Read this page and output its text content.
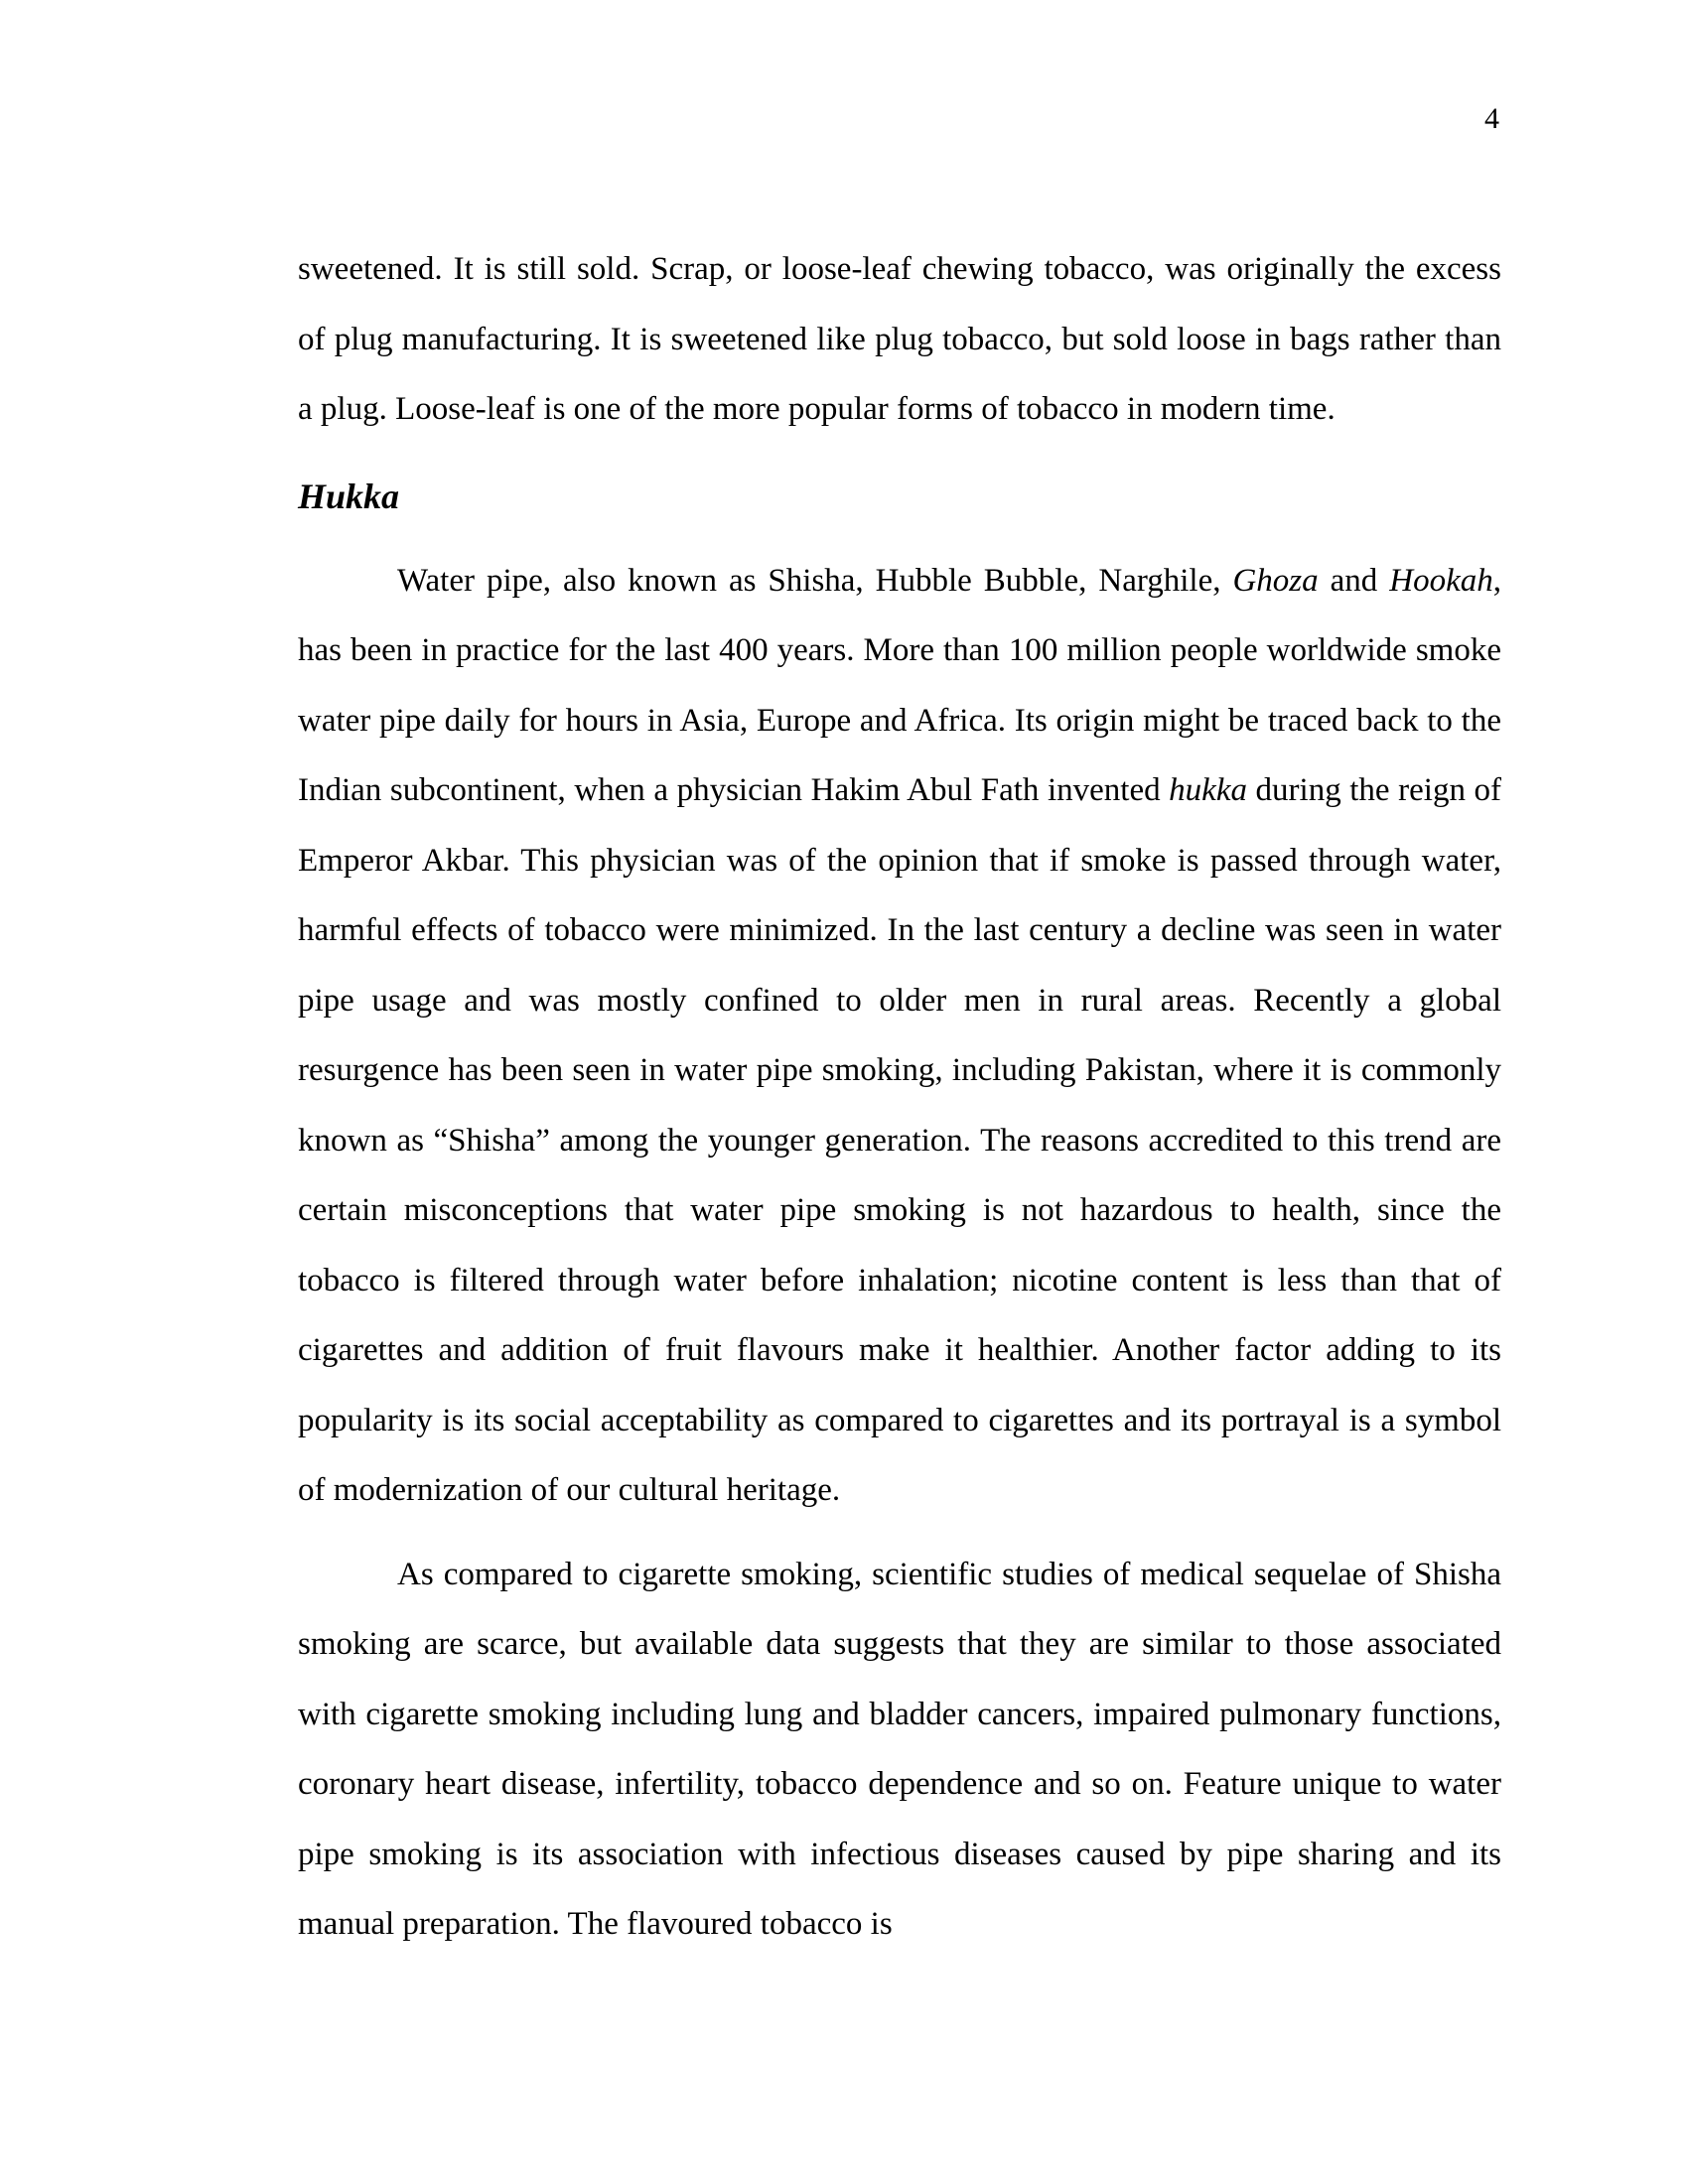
4

sweetened. It is still sold. Scrap, or loose-leaf chewing tobacco, was originally the excess of plug manufacturing. It is sweetened like plug tobacco, but sold loose in bags rather than a plug. Loose-leaf is one of the more popular forms of tobacco in modern time.

Hukka

Water pipe, also known as Shisha, Hubble Bubble, Narghile, Ghoza and Hookah, has been in practice for the last 400 years. More than 100 million people worldwide smoke water pipe daily for hours in Asia, Europe and Africa. Its origin might be traced back to the Indian subcontinent, when a physician Hakim Abul Fath invented hukka during the reign of Emperor Akbar. This physician was of the opinion that if smoke is passed through water, harmful effects of tobacco were minimized. In the last century a decline was seen in water pipe usage and was mostly confined to older men in rural areas. Recently a global resurgence has been seen in water pipe smoking, including Pakistan, where it is commonly known as “Shisha” among the younger generation. The reasons accredited to this trend are certain misconceptions that water pipe smoking is not hazardous to health, since the tobacco is filtered through water before inhalation; nicotine content is less than that of cigarettes and addition of fruit flavours make it healthier. Another factor adding to its popularity is its social acceptability as compared to cigarettes and its portrayal is a symbol of modernization of our cultural heritage.

As compared to cigarette smoking, scientific studies of medical sequelae of Shisha smoking are scarce, but available data suggests that they are similar to those associated with cigarette smoking including lung and bladder cancers, impaired pulmonary functions, coronary heart disease, infertility, tobacco dependence and so on. Feature unique to water pipe smoking is its association with infectious diseases caused by pipe sharing and its manual preparation. The flavoured tobacco is
